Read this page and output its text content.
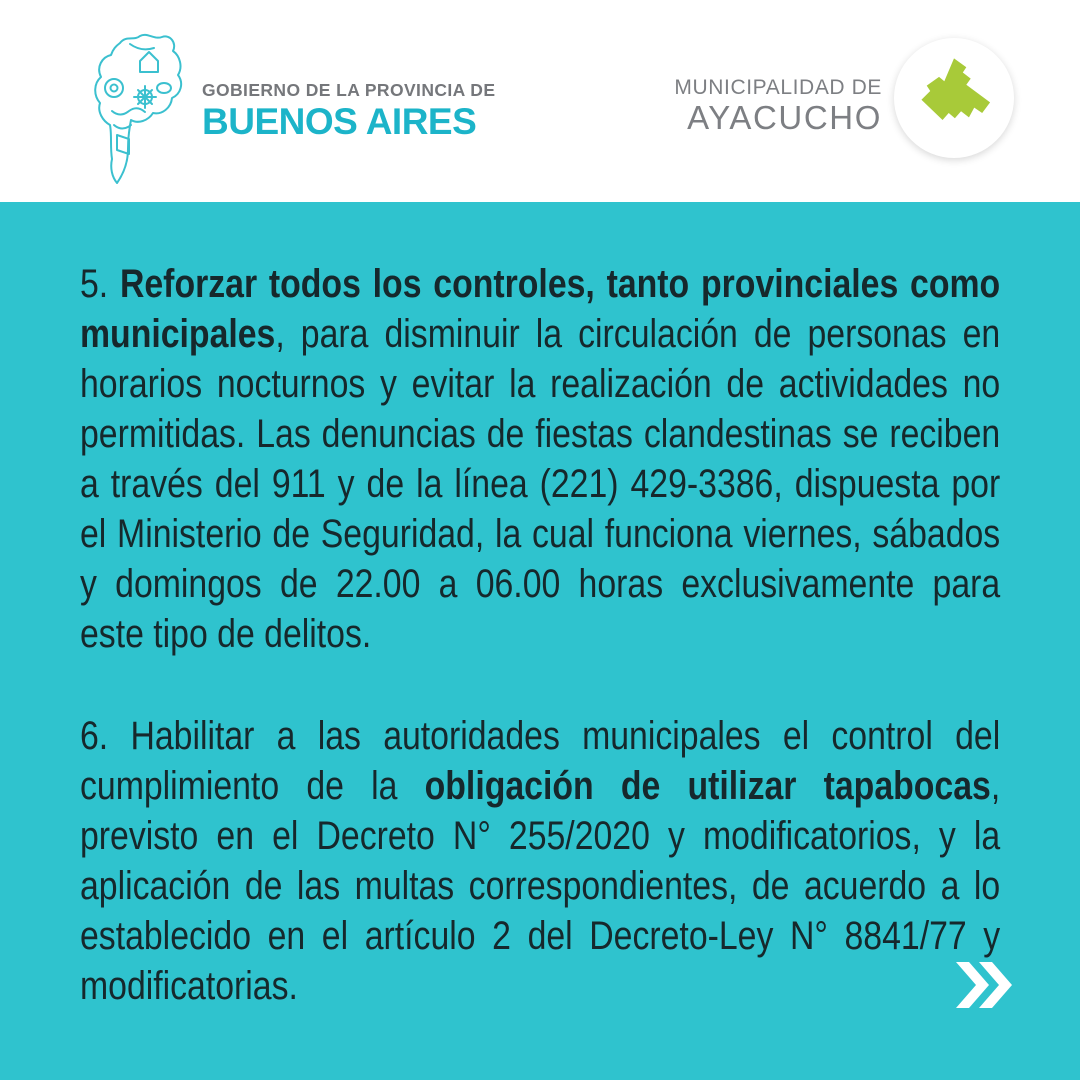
GOBIERNO DE LA PROVINCIA DE
BUENOS AIRES
MUNICIPALIDAD DE
AYACUCHO

5. Reforzar todos los controles, tanto provinciales como municipales, para disminuir la circulación de personas en horarios nocturnos y evitar la realización de actividades no permitidas. Las denuncias de fiestas clandestinas se reciben a través del 911 y de la línea (221) 429-3386, dispuesta por el Ministerio de Seguridad, la cual funciona viernes, sábados y domingos de 22.00 a 06.00 horas exclusivamente para este tipo de delitos.

6. Habilitar a las autoridades municipales el control del cumplimiento de la obligación de utilizar tapabocas, previsto en el Decreto N° 255/2020 y modificatorios, y la aplicación de las multas correspondientes, de acuerdo a lo establecido en el artículo 2 del Decreto-Ley N° 8841/77 y modificatorias.
